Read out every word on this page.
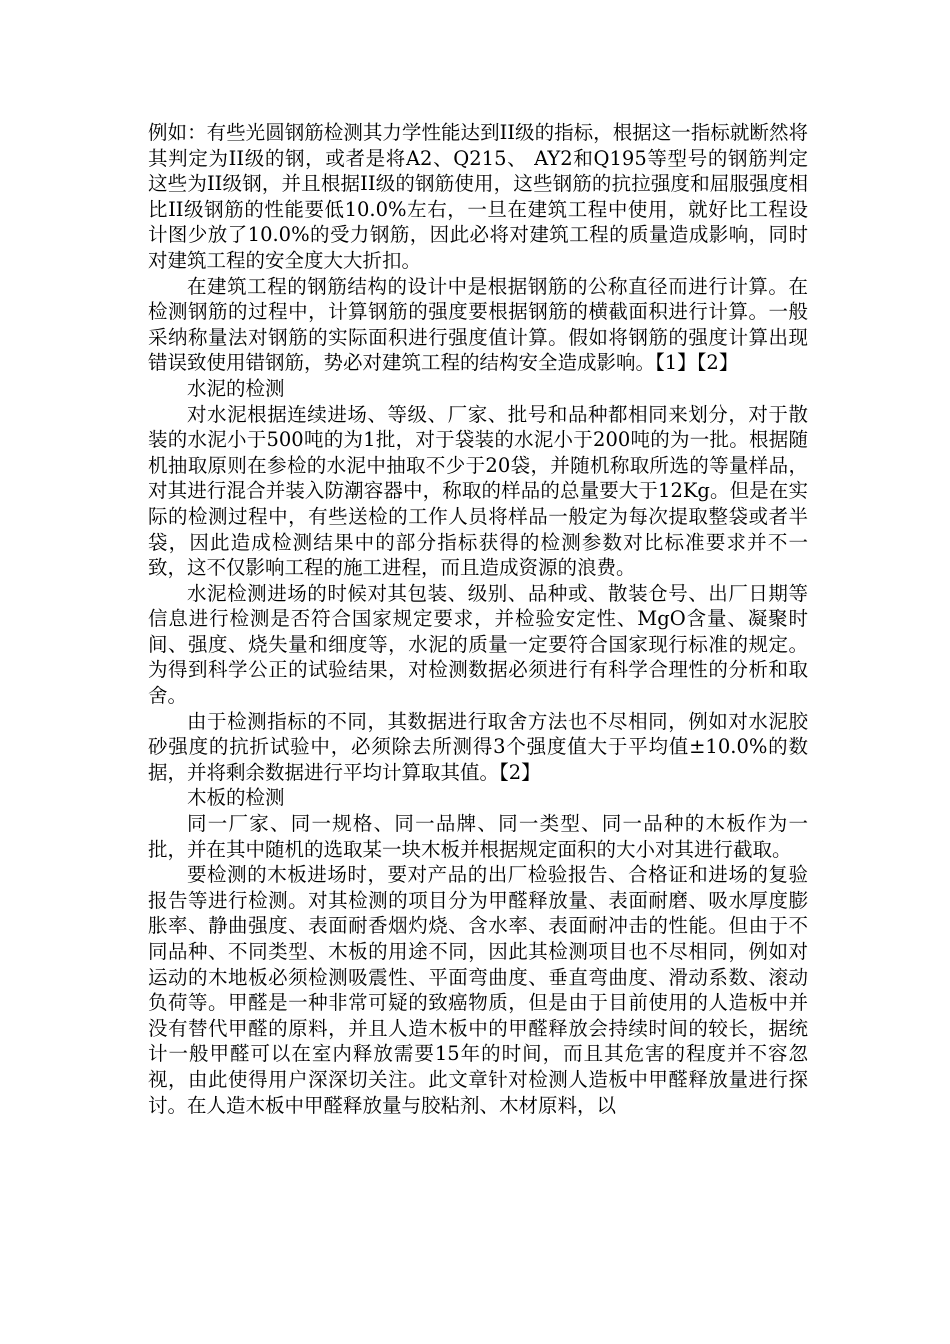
例如：有些光圆钢筋检测其力学性能达到II级的指标，根据这一指标就断然将其判定为II级的钢，或者是将A2、Q215、 AY2和Q195等型号的钢筋判定这些为II级钢，并且根据II级的钢筋使用，这些钢筋的抗拉强度和屈服强度相比II级钢筋的性能要低10.0%左右，一旦在建筑工程中使用，就好比工程设计图少放了10.0%的受力钢筋，因此必将对建筑工程的质量造成影响，同时对建筑工程的安全度大大折扣。

在建筑工程的钢筋结构的设计中是根据钢筋的公称直径而进行计算。在检测钢筋的过程中，计算钢筋的强度要根据钢筋的横截面积进行计算。一般采纳称量法对钢筋的实际面积进行强度值计算。假如将钢筋的强度计算出现错误致使用错钢筋，势必对建筑工程的结构安全造成影响。【1】【2】

水泥的检测

对水泥根据连续进场、等级、厂家、批号和品种都相同来划分，对于散装的水泥小于500吨的为1批，对于袋装的水泥小于200吨的为一批。根据随机抽取原则在参检的水泥中抽取不少于20袋，并随机称取所选的等量样品，对其进行混合并装入防潮容器中，称取的样品的总量要大于12Kg。但是在实际的检测过程中，有些送检的工作人员将样品一般定为每次提取整袋或者半袋，因此造成检测结果中的部分指标获得的检测参数对比标准要求并不一致，这不仅影响工程的施工进程，而且造成资源的浪费。

水泥检测进场的时候对其包装、级别、品种或、散装仓号、出厂日期等信息进行检测是否符合国家规定要求，并检验安定性、MgO含量、凝聚时间、强度、烧失量和细度等，水泥的质量一定要符合国家现行标准的规定。为得到科学公正的试验结果，对检测数据必须进行有科学合理性的分析和取舍。

由于检测指标的不同，其数据进行取舍方法也不尽相同，例如对水泥胶砂强度的抗折试验中，必须除去所测得3个强度值大于平均值±10.0%的数据，并将剩余数据进行平均计算取其值。【2】

木板的检测

同一厂家、同一规格、同一品牌、同一类型、同一品种的木板作为一批，并在其中随机的选取某一块木板并根据规定面积的大小对其进行截取。

要检测的木板进场时，要对产品的出厂检验报告、合格证和进场的复验报告等进行检测。对其检测的项目分为甲醛释放量、表面耐磨、吸水厚度膨胀率、静曲强度、表面耐香烟灼烧、含水率、表面耐冲击的性能。但由于不同品种、不同类型、木板的用途不同，因此其检测项目也不尽相同，例如对运动的木地板必须检测吸震性、平面弯曲度、垂直弯曲度、滑动系数、滚动负荷等。甲醛是一种非常可疑的致癌物质，但是由于目前使用的人造板中并没有替代甲醛的原料，并且人造木板中的甲醛释放会持续时间的较长，据统计一般甲醛可以在室内释放需要15年的时间，而且其危害的程度并不容忽视，由此使得用户深深切关注。此文章针对检测人造板中甲醛释放量进行探讨。在人造木板中甲醛释放量与胶粘剂、木材原料，以
